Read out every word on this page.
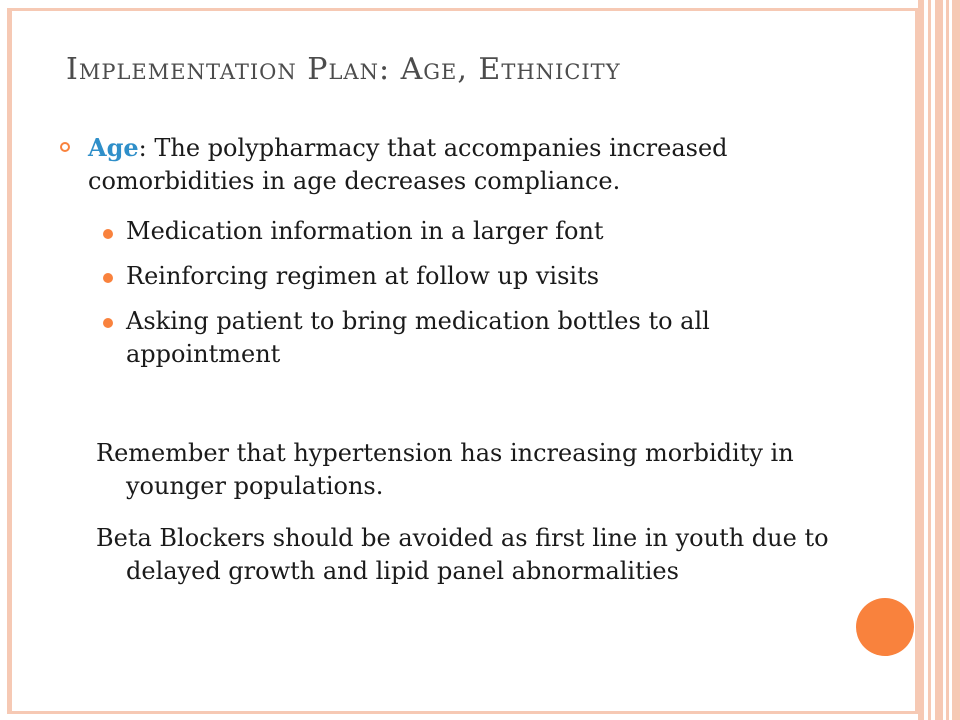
Implementation Plan: Age, Ethnicity
Age: The polypharmacy that accompanies increased comorbidities in age decreases compliance.
Medication information in a larger font
Reinforcing regimen at follow up visits
Asking patient to bring medication bottles to all appointment
Remember that hypertension has increasing morbidity in younger populations.
Beta Blockers should be avoided as first line in youth due to delayed growth and lipid panel abnormalities
